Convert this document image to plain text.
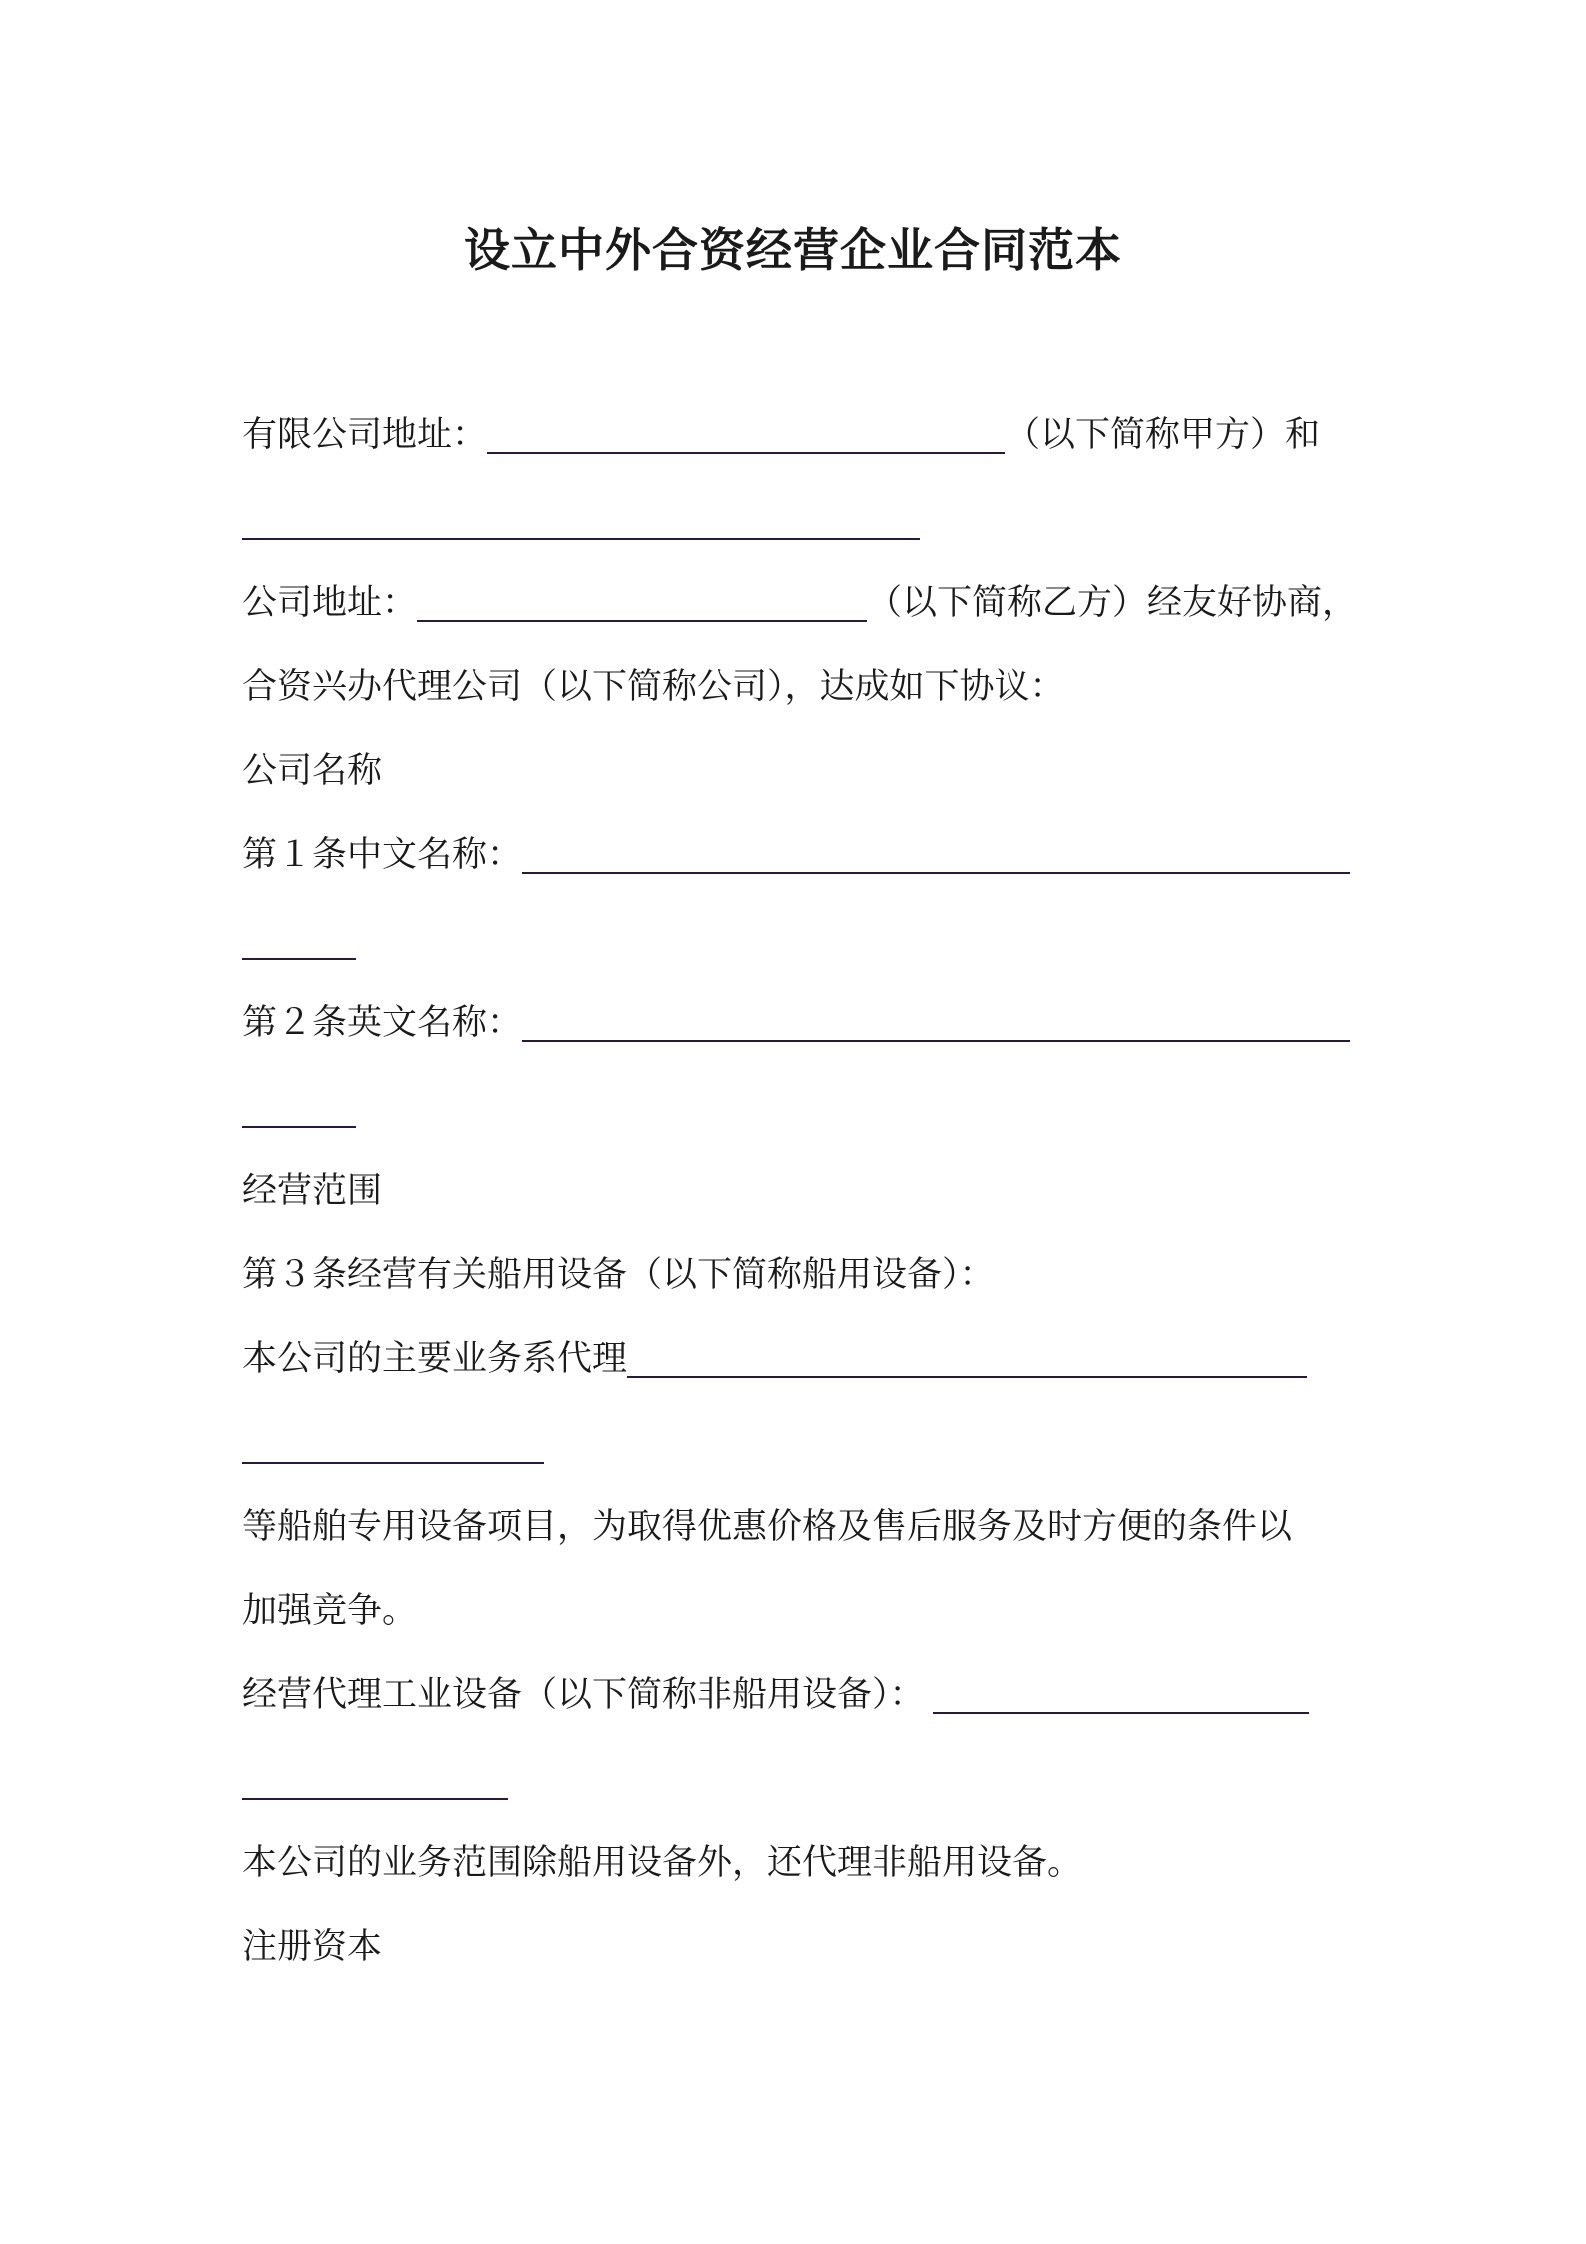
设立中外合资经营企业合同范本
有限公司地址：	（以下简称甲方）和
公司地址：	（以下简称乙方）经友好协商，
合资兴办代理公司（以下简称公司），达成如下协议：
公司名称
第１条中文名称：
第２条英文名称：
经营范围
第３条经营有关船用设备（以下简称船用设备）：
本公司的主要业务系代理
等船舶专用设备项目，为取得优惠价格及售后服务及时方便的条件以
加强竞争。
经营代理工业设备（以下简称非船用设备）：
本公司的业务范围除船用设备外，还代理非船用设备。
注册资本
